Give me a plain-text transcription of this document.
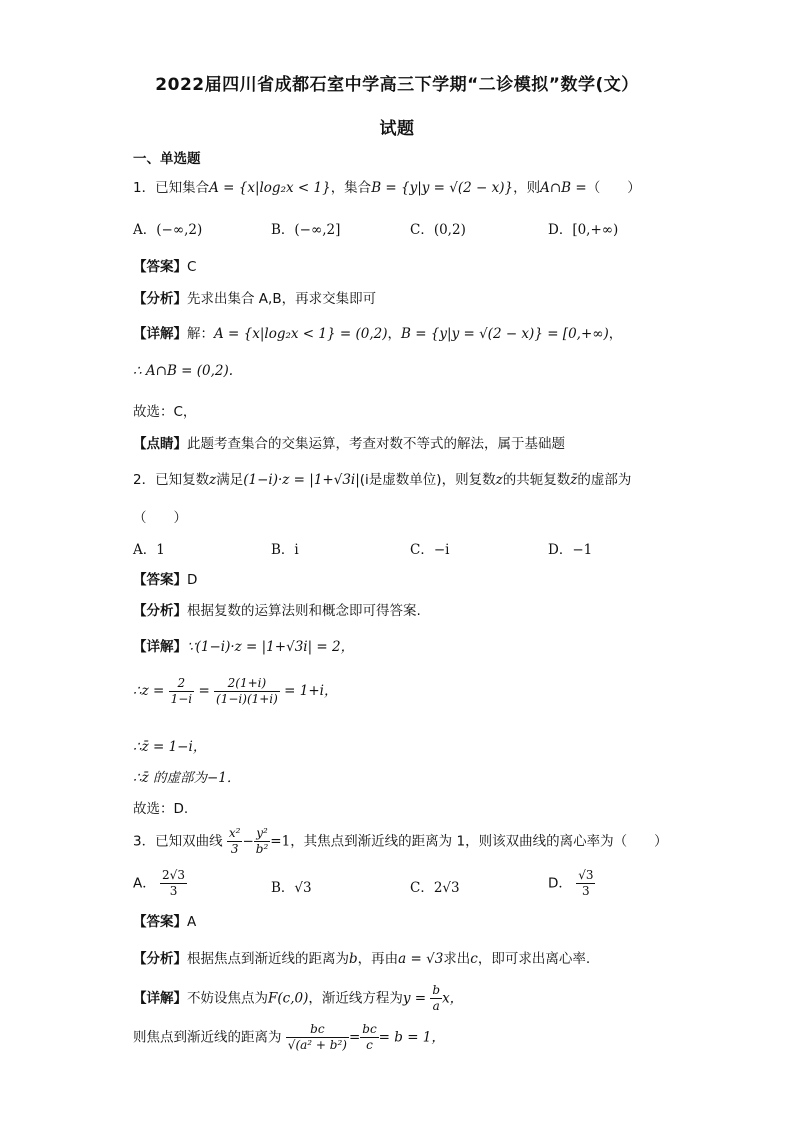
2022届四川省成都石室中学高三下学期“二诊模拟”数学(文）
试题
一、单选题
1．已知集合A = {x|log₂x < 1}，集合B = {y|y = √(2 − x)}，则A∩B =（　　）
A．(−∞,2)	B．(−∞,2]	C．(0,2)	D．[0,+∞)
【答案】C
【分析】先求出集合 A,B，再求交集即可
【详解】解：A = {x|log₂x < 1} = (0,2)，B = {y|y = √(2 − x)} = [0,+∞)，
∴ A∩B = (0,2).
故选：C，
【点睛】此题考查集合的交集运算，考查对数不等式的解法，属于基础题
2．已知复数z满足(1−i)·z = |1+√3i|(i是虚数单位)，则复数z的共轭复数z̄的虚部为
（　　）
A．1	B．i	C．−i	D．−1
【答案】D
【分析】根据复数的运算法则和概念即可得答案.
【详解】∵(1−i)·z = |1+√3i| = 2，
∴z = $\frac{2}{1-i} = \frac{2(1+i)}{(1-i)(1+i)} = 1+i$，
∴z̄ = 1−i，
∴z̄ 的虚部为−1．
故选：D.
3．已知双曲线 $\frac{\text{x²}}{3} - \frac{\text{y²}}{\text{b²}} =1$，其焦点到渐近线的距离为 1，则该双曲线的离心率为（　　）
A． $\frac{2√3}{3}$	B．√3	C．2√3	D． $\frac{√3}{3}$
【答案】A
【分析】根据焦点到渐近线的距离为b，再由a = √3求出c，即可求出离心率.
【详解】不妨设焦点为F(c,0)，渐近线方程为$y = \frac{b}{a}$ x，
则焦点到渐近线的距离为 $\frac{bc}{\text{√(a² + b²)}} = \frac{bc}{c} = b = 1$，
